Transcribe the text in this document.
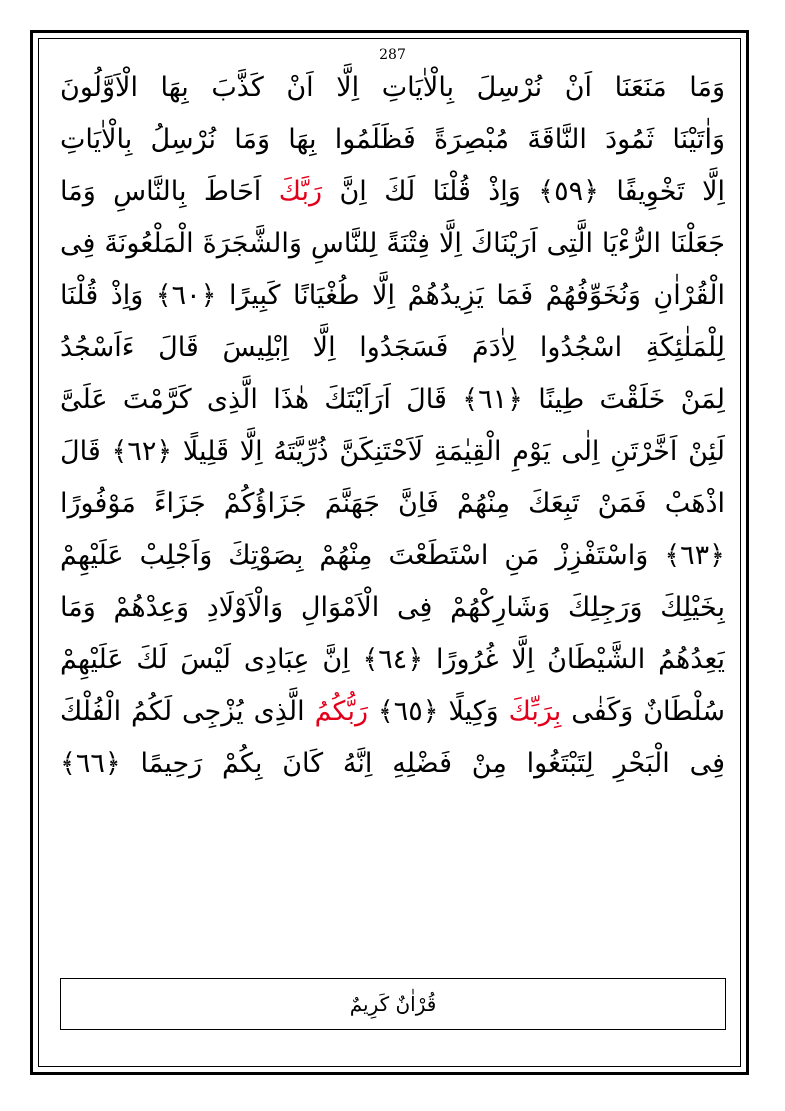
287
وَمَا مَنَعَنَا اَنْ نُرْسِلَ بِالْاٰيَاتِ اِلَّا اَنْ كَذَّبَ بِهَا الْاَوَّلُونَ
وَاٰتَيْنَا ثَمُودَ النَّاقَةَ مُبْصِرَةً فَظَلَمُوا بِهَا وَمَا نُرْسِلُ بِالْاٰيَاتِ
اِلَّا تَخْوِيفًا ﴿٥٩﴾ وَاِذْ قُلْنَا لَكَ اِنَّ رَبَّكَ اَحَاطَ بِالنَّاسِ وَمَا
جَعَلْنَا الرُّءْيَا الَّتِى اَرَيْنَاكَ اِلَّا فِتْنَةً لِلنَّاسِ وَالشَّجَرَةَ الْمَلْعُونَةَ فِى
الْقُرْاٰنِ وَنُخَوِّفُهُمْ فَمَا يَزِيدُهُمْ اِلَّا طُغْيَانًا كَبِيرًا ﴿٦٠﴾ وَاِذْ قُلْنَا
لِلْمَلٰئِكَةِ اسْجُدُوا لِاٰدَمَ فَسَجَدُوا اِلَّا اِبْلِيسَ قَالَ ءَاَسْجُدُ
لِمَنْ خَلَقْتَ طِينًا ﴿٦١﴾ قَالَ اَرَاَيْتَكَ هٰذَا الَّذِى كَرَّمْتَ عَلَىَّ
لَئِنْ اَخَّرْتَنِ اِلٰى يَوْمِ الْقِيٰمَةِ لَاَحْتَنِكَنَّ ذُرِّيَّتَهُ اِلَّا قَلِيلًا ﴿٦٢﴾ قَالَ
اذْهَبْ فَمَنْ تَبِعَكَ مِنْهُمْ فَاِنَّ جَهَنَّمَ جَزَاؤُكُمْ جَزَاءً مَوْفُورًا
﴿٦٣﴾ وَاسْتَفْزِزْ مَنِ اسْتَطَعْتَ مِنْهُمْ بِصَوْتِكَ وَاَجْلِبْ عَلَيْهِمْ
بِخَيْلِكَ وَرَجِلِكَ وَشَارِكْهُمْ فِى الْاَمْوَالِ وَالْاَوْلَادِ وَعِدْهُمْ وَمَا
يَعِدُهُمُ الشَّيْطَانُ اِلَّا غُرُورًا ﴿٦٤﴾ اِنَّ عِبَادِى لَيْسَ لَكَ عَلَيْهِمْ
سُلْطَانٌ وَكَفٰى بِرَبِّكَ وَكِيلًا ﴿٦٥﴾ رَبُّكُمُ الَّذِى يُزْجِى لَكُمُ الْفُلْكَ
فِى الْبَحْرِ لِتَبْتَغُوا مِنْ فَضْلِهِ اِنَّهُ كَانَ بِكُمْ رَحِيمًا ﴿٦٦﴾
قُرْاٰنٌ كَرِيمٌ
